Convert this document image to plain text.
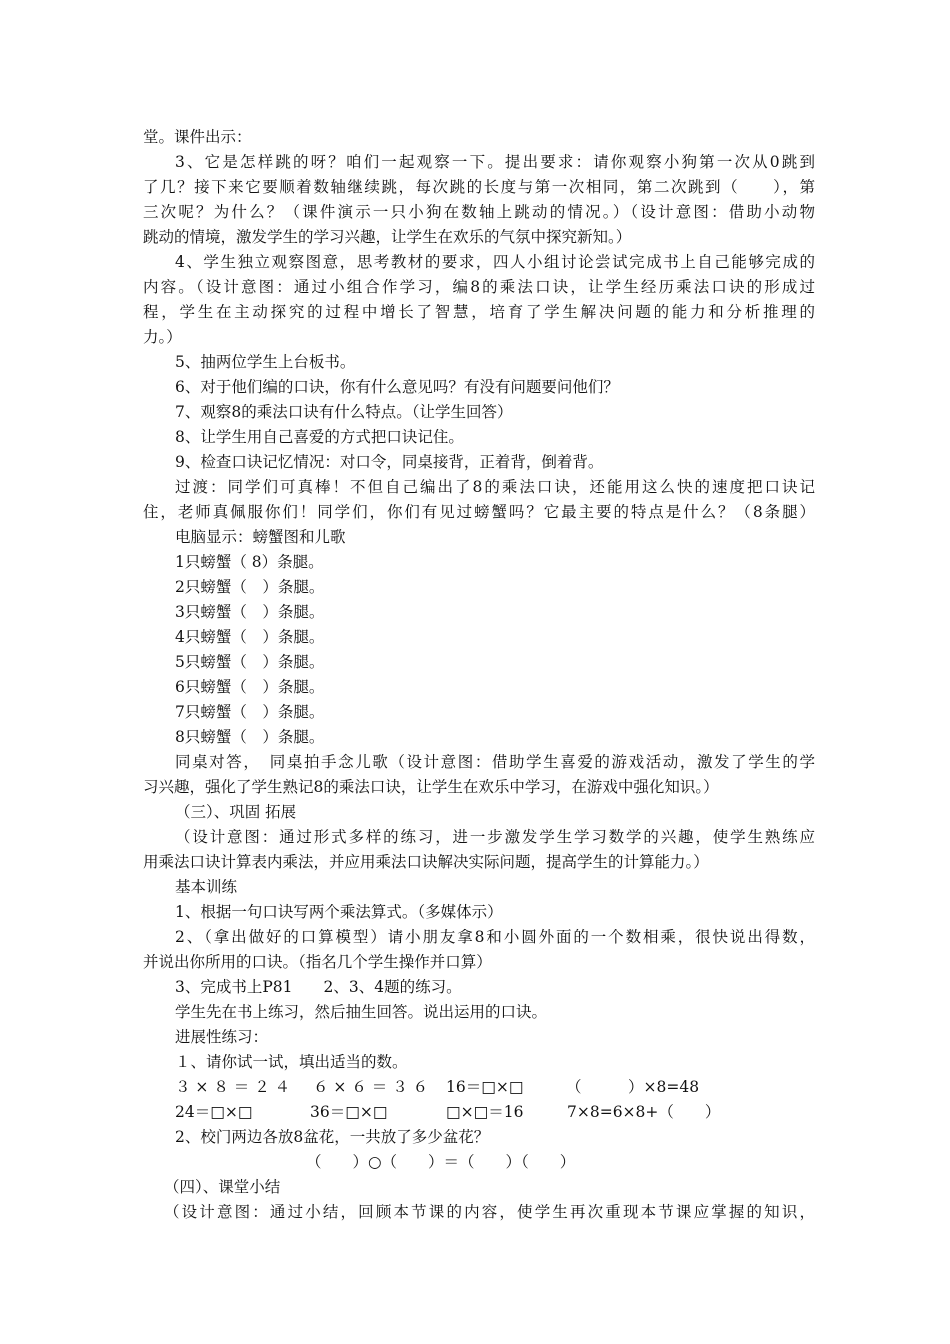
堂。课件出示：
3、它是怎样跳的呀？咱们一起观察一下。提出要求：请你观察小狗第一次从0跳到
了几？接下来它要顺着数轴继续跳，每次跳的长度与第一次相同，第二次跳到（　　），第
三次呢？为什么？（课件演示一只小狗在数轴上跳动的情况。）（设计意图：借助小动物
跳动的情境，激发学生的学习兴趣，让学生在欢乐的气氛中探究新知。）
4、学生独立观察图意，思考教材的要求，四人小组讨论尝试完成书上自己能够完成的
内容。（设计意图：通过小组合作学习，编8的乘法口诀，让学生经历乘法口诀的形成过
程，学生在主动探究的过程中增长了智慧，培育了学生解决问题的能力和分析推理的
力。）
5、抽两位学生上台板书。
6、对于他们编的口诀，你有什么意见吗？有没有问题要问他们？
7、观察8的乘法口诀有什么特点。（让学生回答）
8、让学生用自己喜爱的方式把口诀记住。
9、检查口诀记忆情况：对口令，同桌接背，正着背，倒着背。
过渡：同学们可真棒！不但自己编出了8的乘法口诀，还能用这么快的速度把口诀记
住，老师真佩服你们！同学们，你们有见过螃蟹吗？它最主要的特点是什么？（8条腿）
电脑显示：螃蟹图和儿歌
1只螃蟹（ 8）条腿。
2只螃蟹（　）条腿。
3只螃蟹（　）条腿。
4只螃蟹（　）条腿。
5只螃蟹（　）条腿。
6只螃蟹（　）条腿。
7只螃蟹（　）条腿。
8只螃蟹（　）条腿。
同桌对答，　同桌拍手念儿歌（设计意图：借助学生喜爱的游戏活动，激发了学生的学
习兴趣，强化了学生熟记8的乘法口诀，让学生在欢乐中学习，在游戏中强化知识。）
（三）、巩固 拓展
（设计意图：通过形式多样的练习，进一步激发学生学习数学的兴趣，使学生熟练应
用乘法口诀计算表内乘法，并应用乘法口诀解决实际问题，提高学生的计算能力。）
基本训练
1、根据一句口诀写两个乘法算式。（多媒体示）
2、（拿出做好的口算模型）请小朋友拿8和小圆外面的一个数相乘，很快说出得数，
并说出你所用的口诀。（指名几个学生操作并口算）
3、完成书上P81　　2、3、4题的练习。
学生先在书上练习，然后抽生回答。说出运用的口诀。
进展性练习：
１、请你试一试，填出适当的数。
３ × ８ ＝ ２ ４ ６ × ６ ＝ ３ ６ 16＝□×□	（　　　）×8=48
24＝□×□	36＝□×□	□×□＝16	7×8=6×8+（　　）
2、校门两边各放8盆花，一共放了多少盆花？
（　　）○（　　）＝（　　）（　　）
（四）、课堂小结
（设计意图：通过小结，回顾本节课的内容，使学生再次重现本节课应掌握的知识，
